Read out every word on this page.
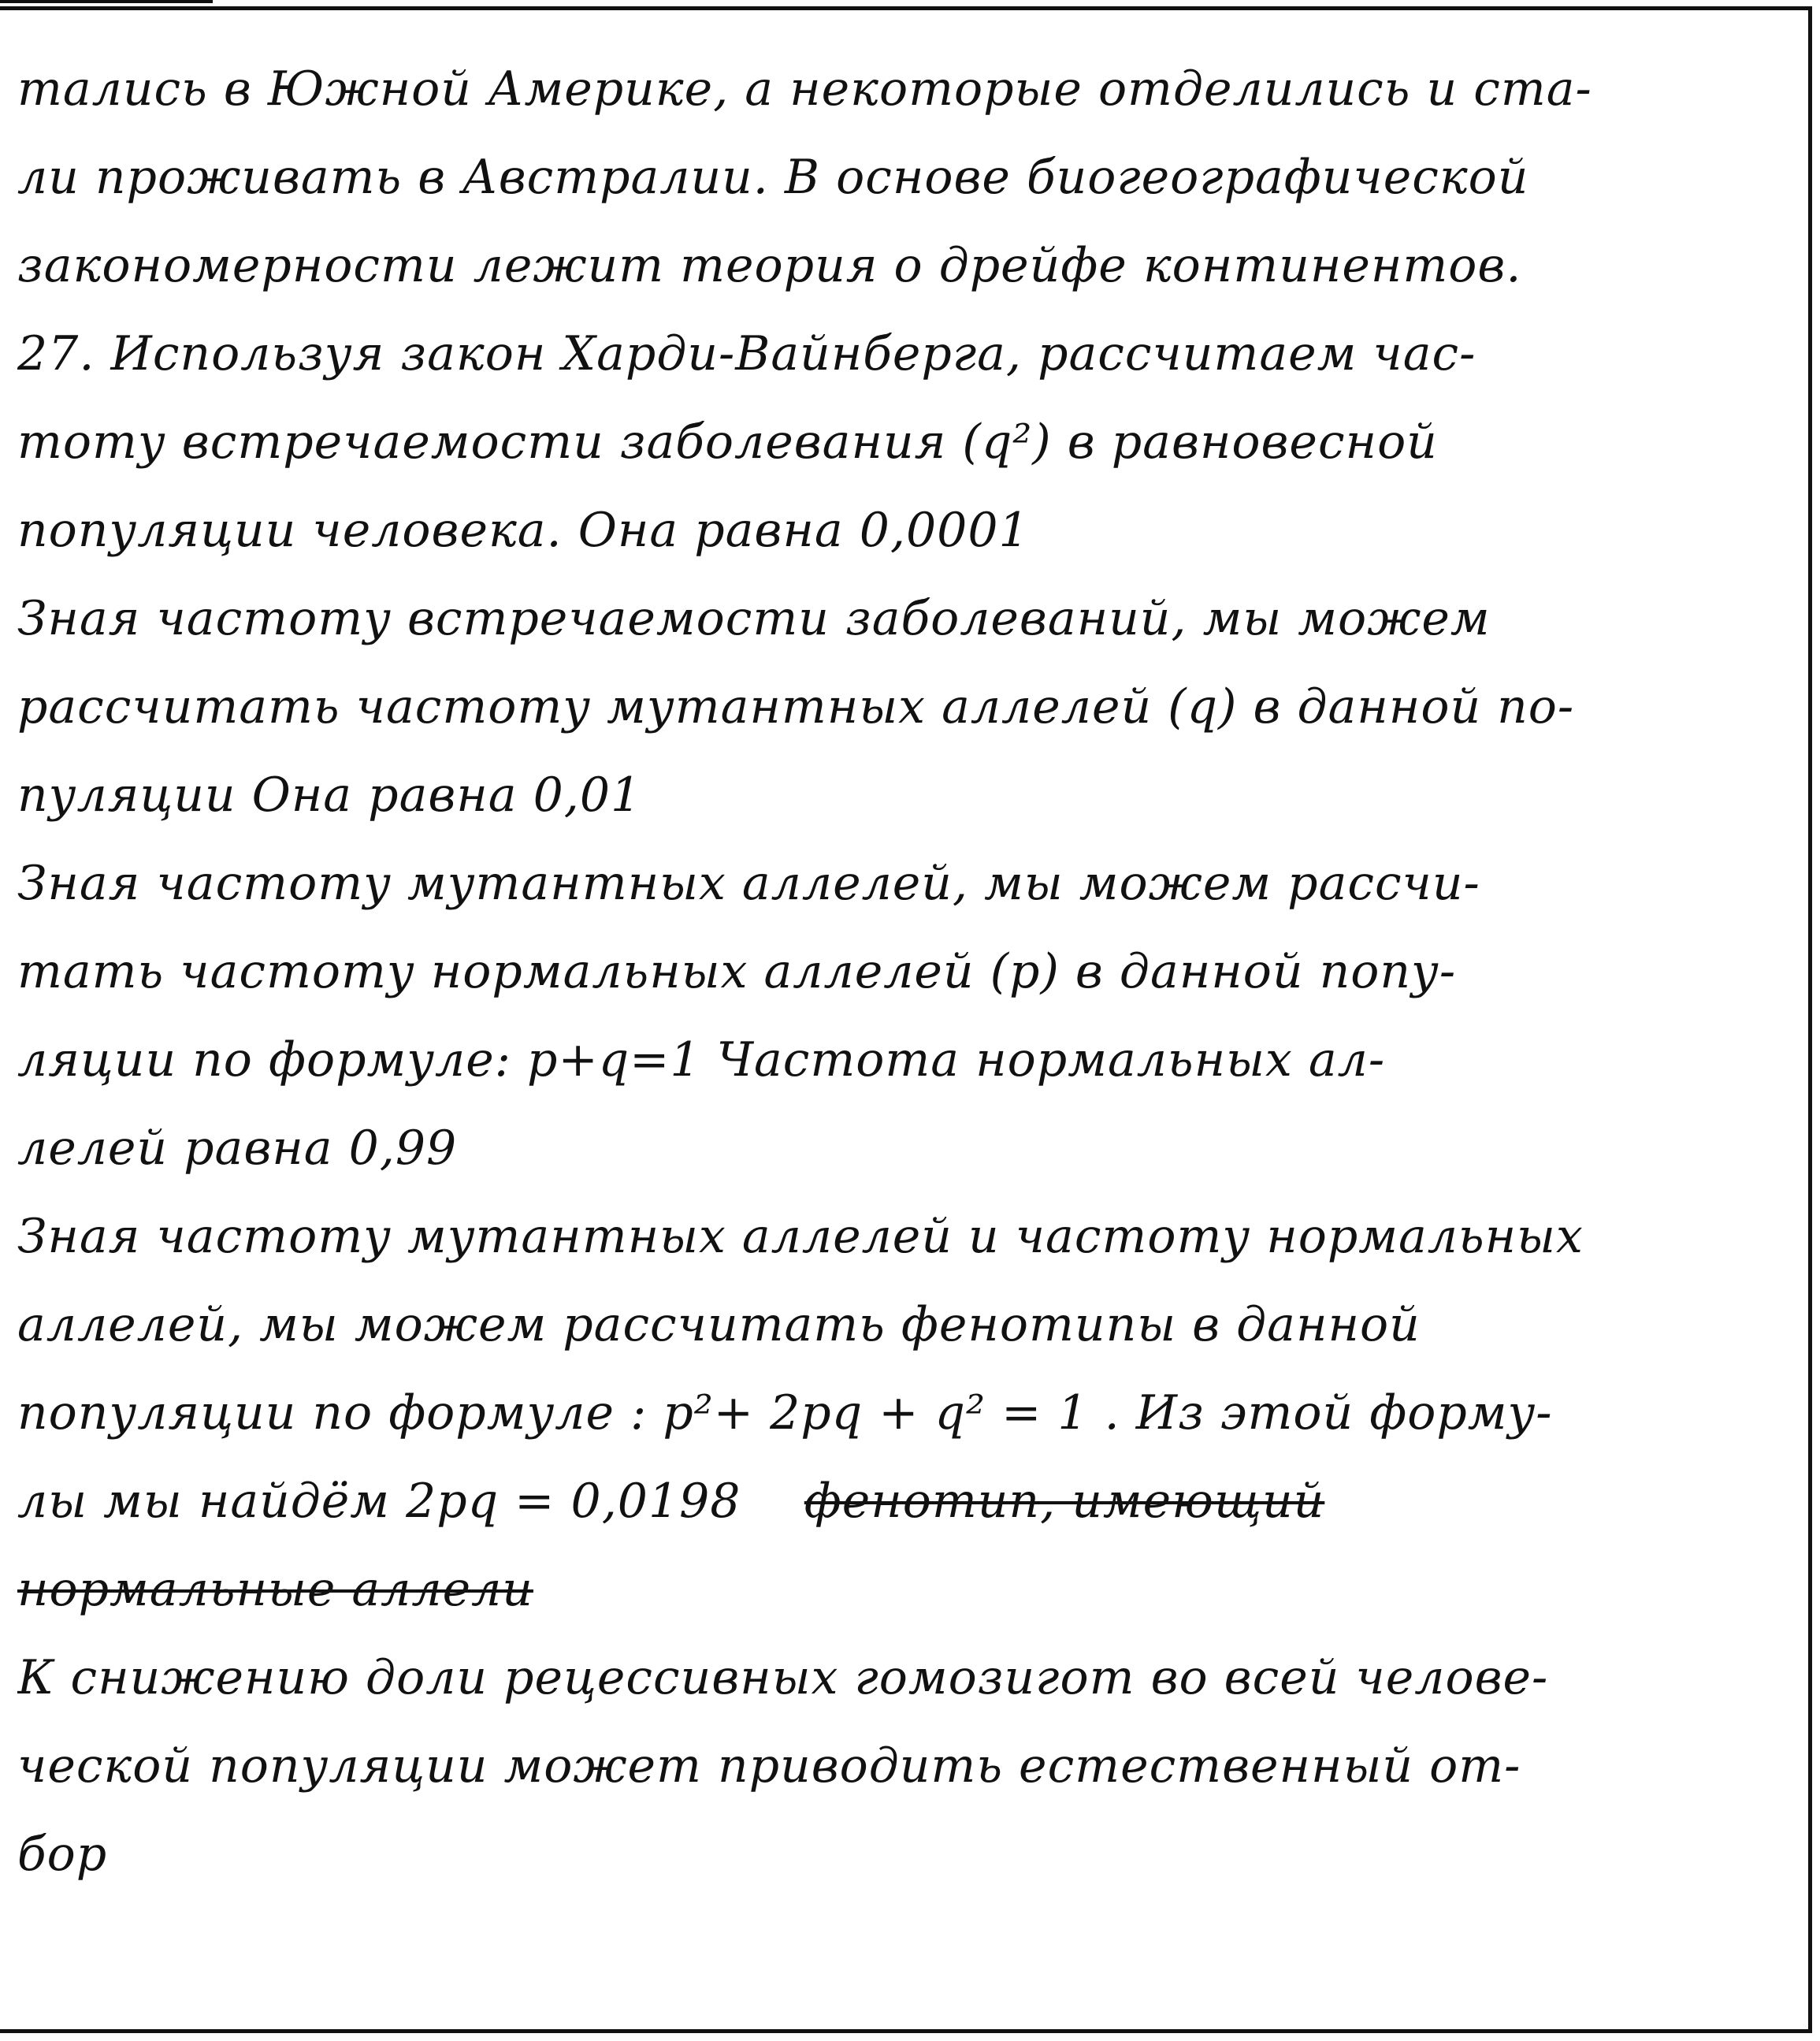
тались в Южной Америке, а некоторые отделились и ста-
ли проживать в Австралии. В основе биогеографической
закономерности лежит теория о дрейфе континентов.
27. Используя закон Харди-Вайнберга, рассчитаем час-
тоту встречаемости заболевания (q²) в равновесной
популяции человека. Она равна 0,0001
Зная частоту встречаемости заболеваний, мы можем
рассчитать частоту мутантных аллелей (q) в данной по-
пуляции Она равна 0,01
Зная частоту мутантных аллелей, мы можем рассчи-
тать частоту нормальных аллелей (p) в данной попу-
ляции по формуле: p+q=1 Частота нормальных ал-
лелей равна 0,99
Зная частоту мутантных аллелей и частоту нормальных
аллелей, мы можем рассчитать фенотипы в данной
популяции по формуле : p²+ 2pq + q² = 1 . Из этой форму-
лы мы найдём 2pq = 0,0198 фенотип, имеющий
нормальные аллели
К снижению доли рецессивных гомозигот во всей челове-
ческой популяции может приводить естественный от-
бор
